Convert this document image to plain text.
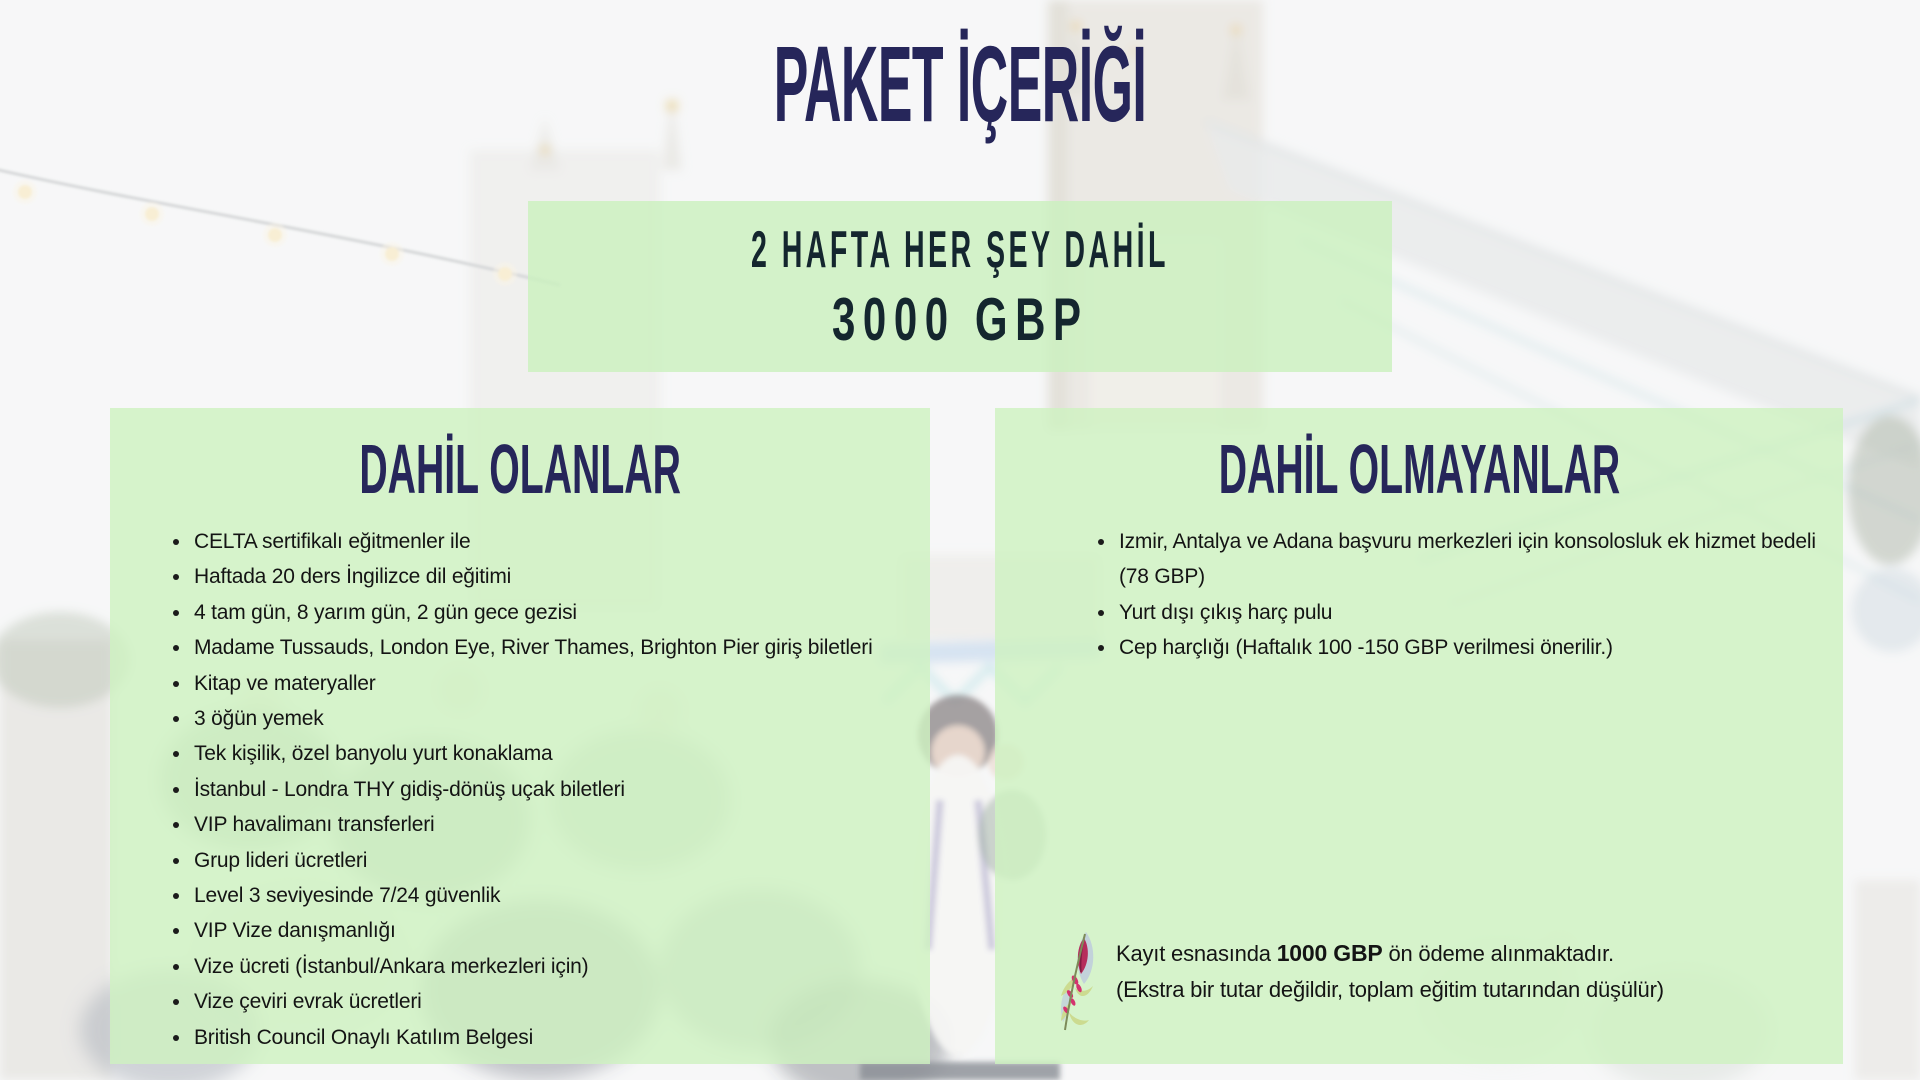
PAKET İÇERİĞİ
2 HAFTA HER ŞEY DAHİL
3000 GBP
DAHİL OLANLAR
CELTA sertifikalı eğitmenler ile
Haftada 20 ders İngilizce dil eğitimi
4 tam gün, 8 yarım gün, 2 gün gece gezisi
Madame Tussauds, London Eye, River Thames, Brighton Pier giriş biletleri
Kitap ve materyaller
3 öğün yemek
Tek kişilik, özel banyolu yurt konaklama
İstanbul - Londra THY gidiş-dönüş uçak biletleri
VIP havalimanı transferleri
Grup lideri ücretleri
Level 3 seviyesinde 7/24 güvenlik
VIP Vize danışmanlığı
Vize ücreti (İstanbul/Ankara merkezleri için)
Vize çeviri evrak ücretleri
British Council Onaylı Katılım Belgesi
DAHİL OLMAYANLAR
Izmir, Antalya ve Adana başvuru merkezleri için konsolosluk ek hizmet bedeli (78 GBP)
Yurt dışı çıkış harç pulu
Cep harçlığı (Haftalık 100 -150 GBP verilmesi önerilir.)
Kayıt esnasında 1000 GBP ön ödeme alınmaktadır.
(Ekstra bir tutar değildir, toplam eğitim tutarından düşülür)
